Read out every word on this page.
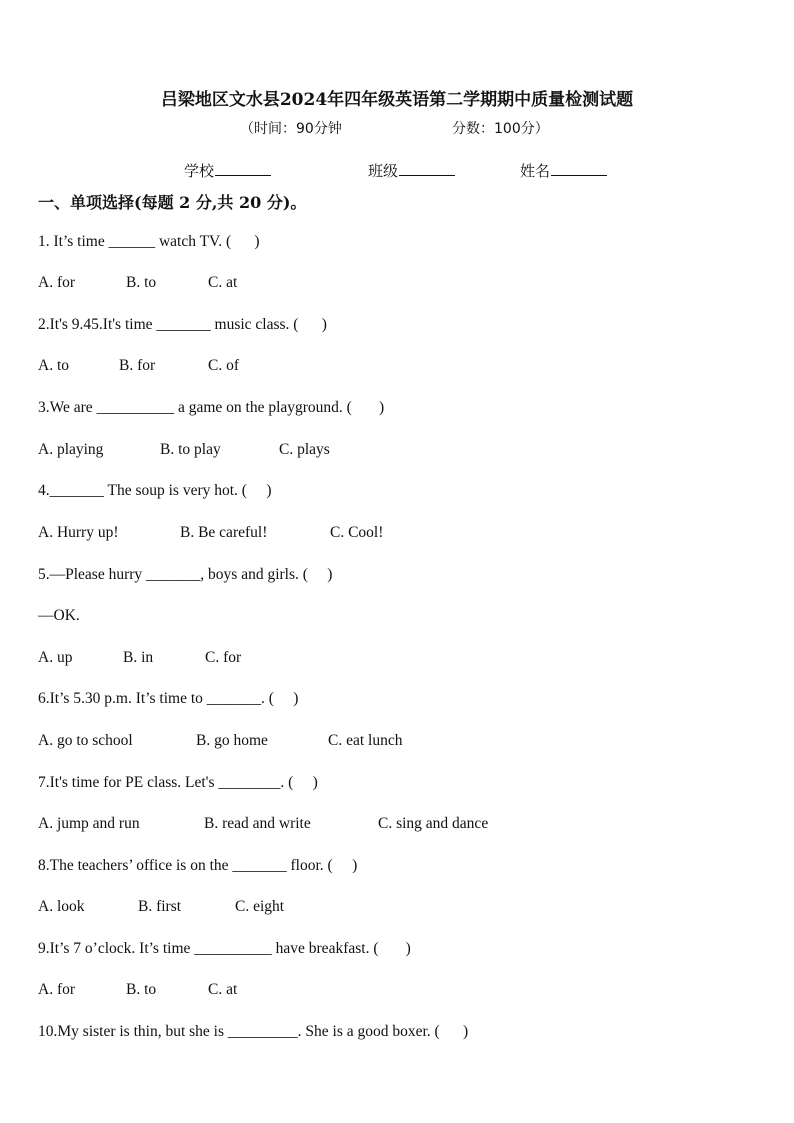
吕梁地区文水县2024年四年级英语第二学期期中质量检测试题
（时间：90分钟	分数：100分）
学校	班级	姓名
一、单项选择(每题 2 分,共 20 分)。
1. It’s time ______ watch TV. (      )

A. for

	B. to

	C. at

2.It's 9.45.It's time _______ music class. (      )

A. to

	B. for

	C. of

3.We are __________ a game on the playground. (       )

A. playing

	B. to play

	C. plays

4._______ The soup is very hot. (     )

A. Hurry up!

	B. Be careful!

	C. Cool!

5.—Please hurry _______, boys and girls. (     )
—OK.

A. up

	B. in

	C. for

6.It’s 5.30 p.m. It’s time to _______. (     )

A. go to school

	B. go home

	C. eat lunch

7.It's time for PE class. Let's ________. (     )

A. jump and run

	B. read and write

	C. sing and dance

8.The teachers’ office is on the _______ floor. (     )

A. look

	B. first

	C. eight

9.It’s 7 o’clock. It’s time __________ have breakfast. (       )

A. for

	B. to

	C. at

10.My sister is thin, but she is _________. She is a good boxer. (      )
